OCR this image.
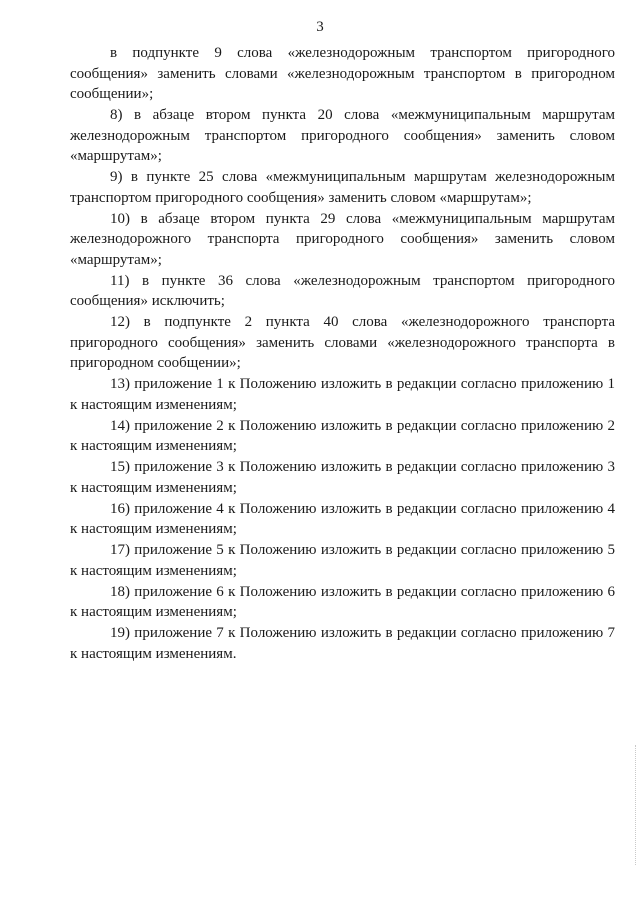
3

в подпункте 9 слова «железнодорожным транспортом пригородного сообщения» заменить словами «железнодорожным транспортом в пригородном сообщении»;

8) в абзаце втором пункта 20 слова «межмуниципальным маршрутам железнодорожным транспортом пригородного сообщения» заменить словом «маршрутам»;

9) в пункте 25 слова «межмуниципальным маршрутам железнодорожным транспортом пригородного сообщения» заменить словом «маршрутам»;

10) в абзаце втором пункта 29 слова «межмуниципальным маршрутам железнодорожного транспорта пригородного сообщения» заменить словом «маршрутам»;

11) в пункте 36 слова «железнодорожным транспортом пригородного сообщения» исключить;

12) в подпункте 2 пункта 40 слова «железнодорожного транспорта пригородного сообщения» заменить словами «железнодорожного транспорта в пригородном сообщении»;

13) приложение 1 к Положению изложить в редакции согласно приложению 1 к настоящим изменениям;

14) приложение 2 к Положению изложить в редакции согласно приложению 2 к настоящим изменениям;

15) приложение 3 к Положению изложить в редакции согласно приложению 3 к настоящим изменениям;

16) приложение 4 к Положению изложить в редакции согласно приложению 4 к настоящим изменениям;

17) приложение 5 к Положению изложить в редакции согласно приложению 5 к настоящим изменениям;

18) приложение 6 к Положению изложить в редакции согласно приложению 6 к настоящим изменениям;

19) приложение 7 к Положению изложить в редакции согласно приложению 7 к настоящим изменениям.
